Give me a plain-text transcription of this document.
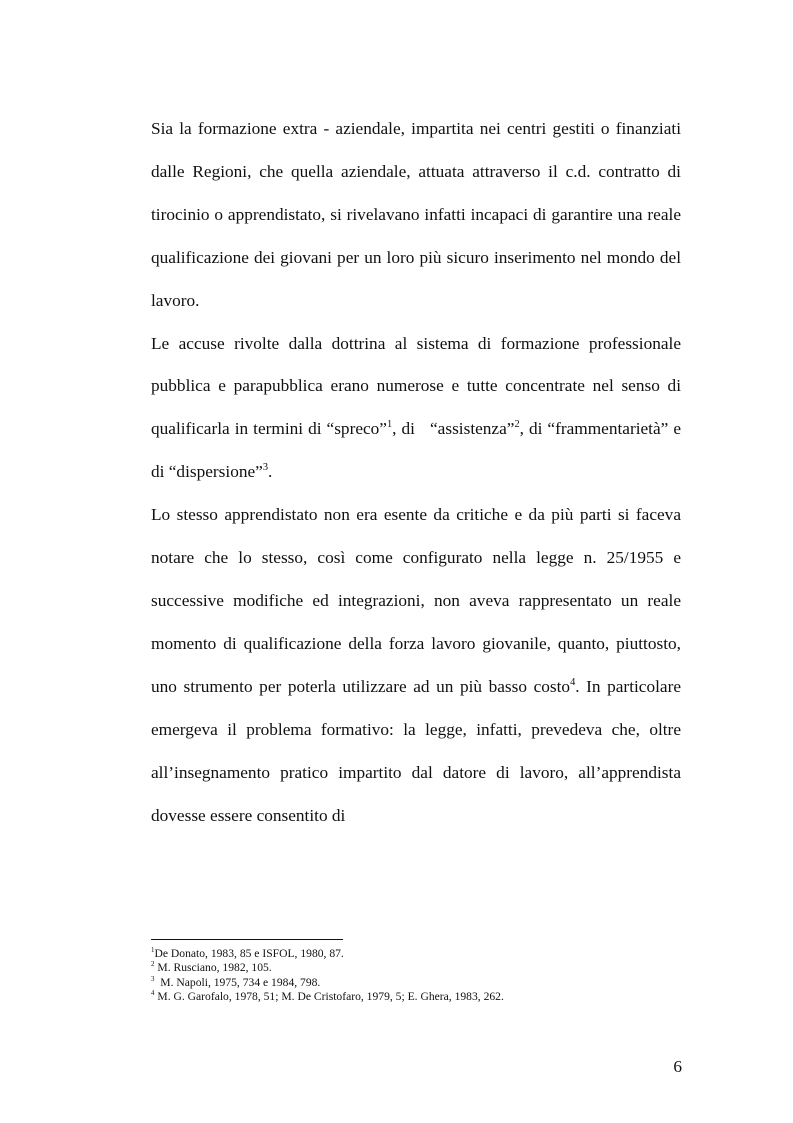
Sia la formazione extra - aziendale, impartita nei centri gestiti o finanziati dalle Regioni, che quella aziendale, attuata attraverso il c.d. contratto di tirocinio o apprendistato, si rivelavano infatti incapaci di garantire una reale qualificazione dei giovani per un loro più sicuro inserimento nel mondo del lavoro.

Le accuse rivolte dalla dottrina al sistema di formazione professionale pubblica e parapubblica erano numerose e tutte concentrate nel senso di qualificarla in termini di “spreco”$^1$, di   “assistenza”$^2$, di “frammentarietà” e di “dispersione”$^3$.

Lo stesso apprendistato non era esente da critiche e da più parti si faceva notare che lo stesso, così come configurato nella legge n. 25/1955 e successive modifiche ed integrazioni, non aveva rappresentato un reale momento di qualificazione della forza lavoro giovanile, quanto, piuttosto, uno strumento per poterla utilizzare ad un più basso costo$^4$. In particolare emergeva il problema formativo: la legge, infatti, prevedeva che, oltre all’insegnamento pratico impartito dal datore di lavoro, all’apprendista dovesse essere consentito di

$^1$De Donato, 1983, 85 e ISFOL, 1980, 87.
$^2$ M. Rusciano, 1982, 105.
$^3$  M. Napoli, 1975, 734 e 1984, 798.
$^4$ M. G. Garofalo, 1978, 51; M. De Cristofaro, 1979, 5; E. Ghera, 1983, 262.
6
